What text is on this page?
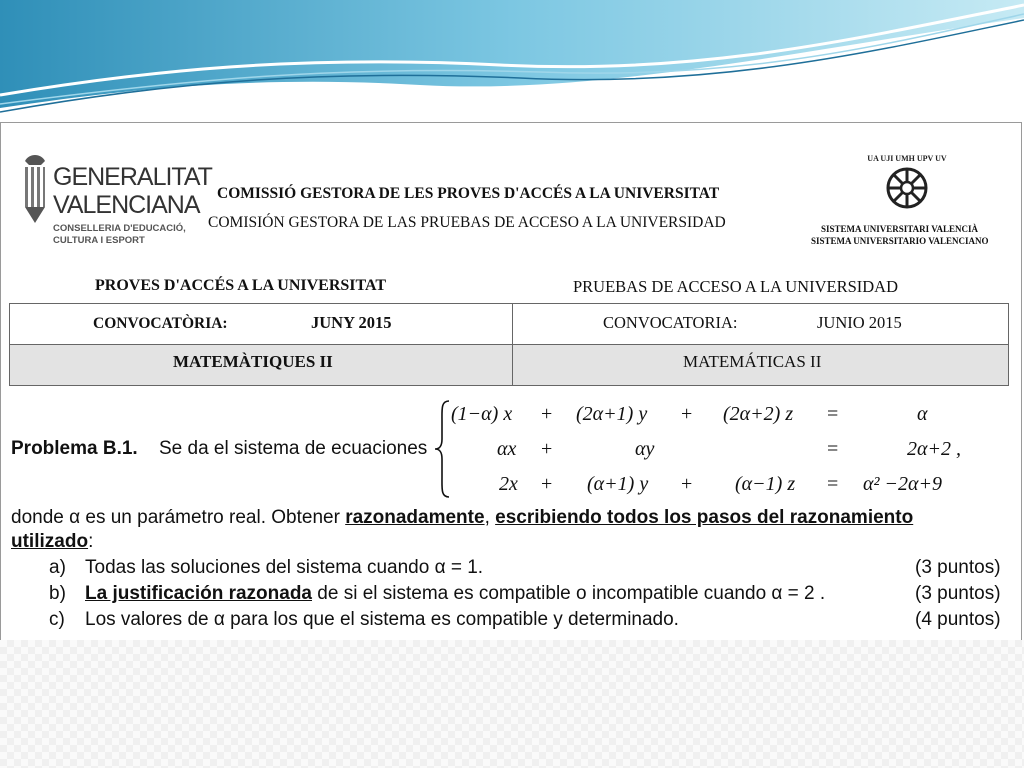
GENERALITAT
VALENCIANA
CONSELLERIA D'EDUCACIÓ,
CULTURA I ESPORT
COMISSIÓ GESTORA DE LES PROVES D'ACCÉS A LA UNIVERSITAT
COMISIÓN GESTORA DE LAS PRUEBAS DE ACCESO A LA UNIVERSIDAD
UA UJI UMH UPV UV
SISTEMA UNIVERSITARI VALENCIÀ
SISTEMA UNIVERSITARIO VALENCIANO
PROVES D'ACCÉS A LA UNIVERSITAT	PRUEBAS DE ACCESO A LA UNIVERSIDAD
CONVOCATÒRIA:	JUNY 2015	CONVOCATORIA:	JUNIO 2015
MATEMÀTIQUES II	MATEMÁTICAS II
Problema B.1. Se da el sistema de ecuaciones
(1−α) x + (2α+1) y + (2α+2) z =	α
αx +	αy	=	2α+2 ,
2x + (α+1) y + (α−1) z = α² −2α+9
donde α es un parámetro real. Obtener razonadamente, escribiendo todos los pasos del razonamiento
utilizado:
a) Todas las soluciones del sistema cuando α = 1.	(3 puntos)
b) La justificación razonada de si el sistema es compatible o incompatible cuando α = 2 .	(3 puntos)
c) Los valores de α para los que el sistema es compatible y determinado.	(4 puntos)
